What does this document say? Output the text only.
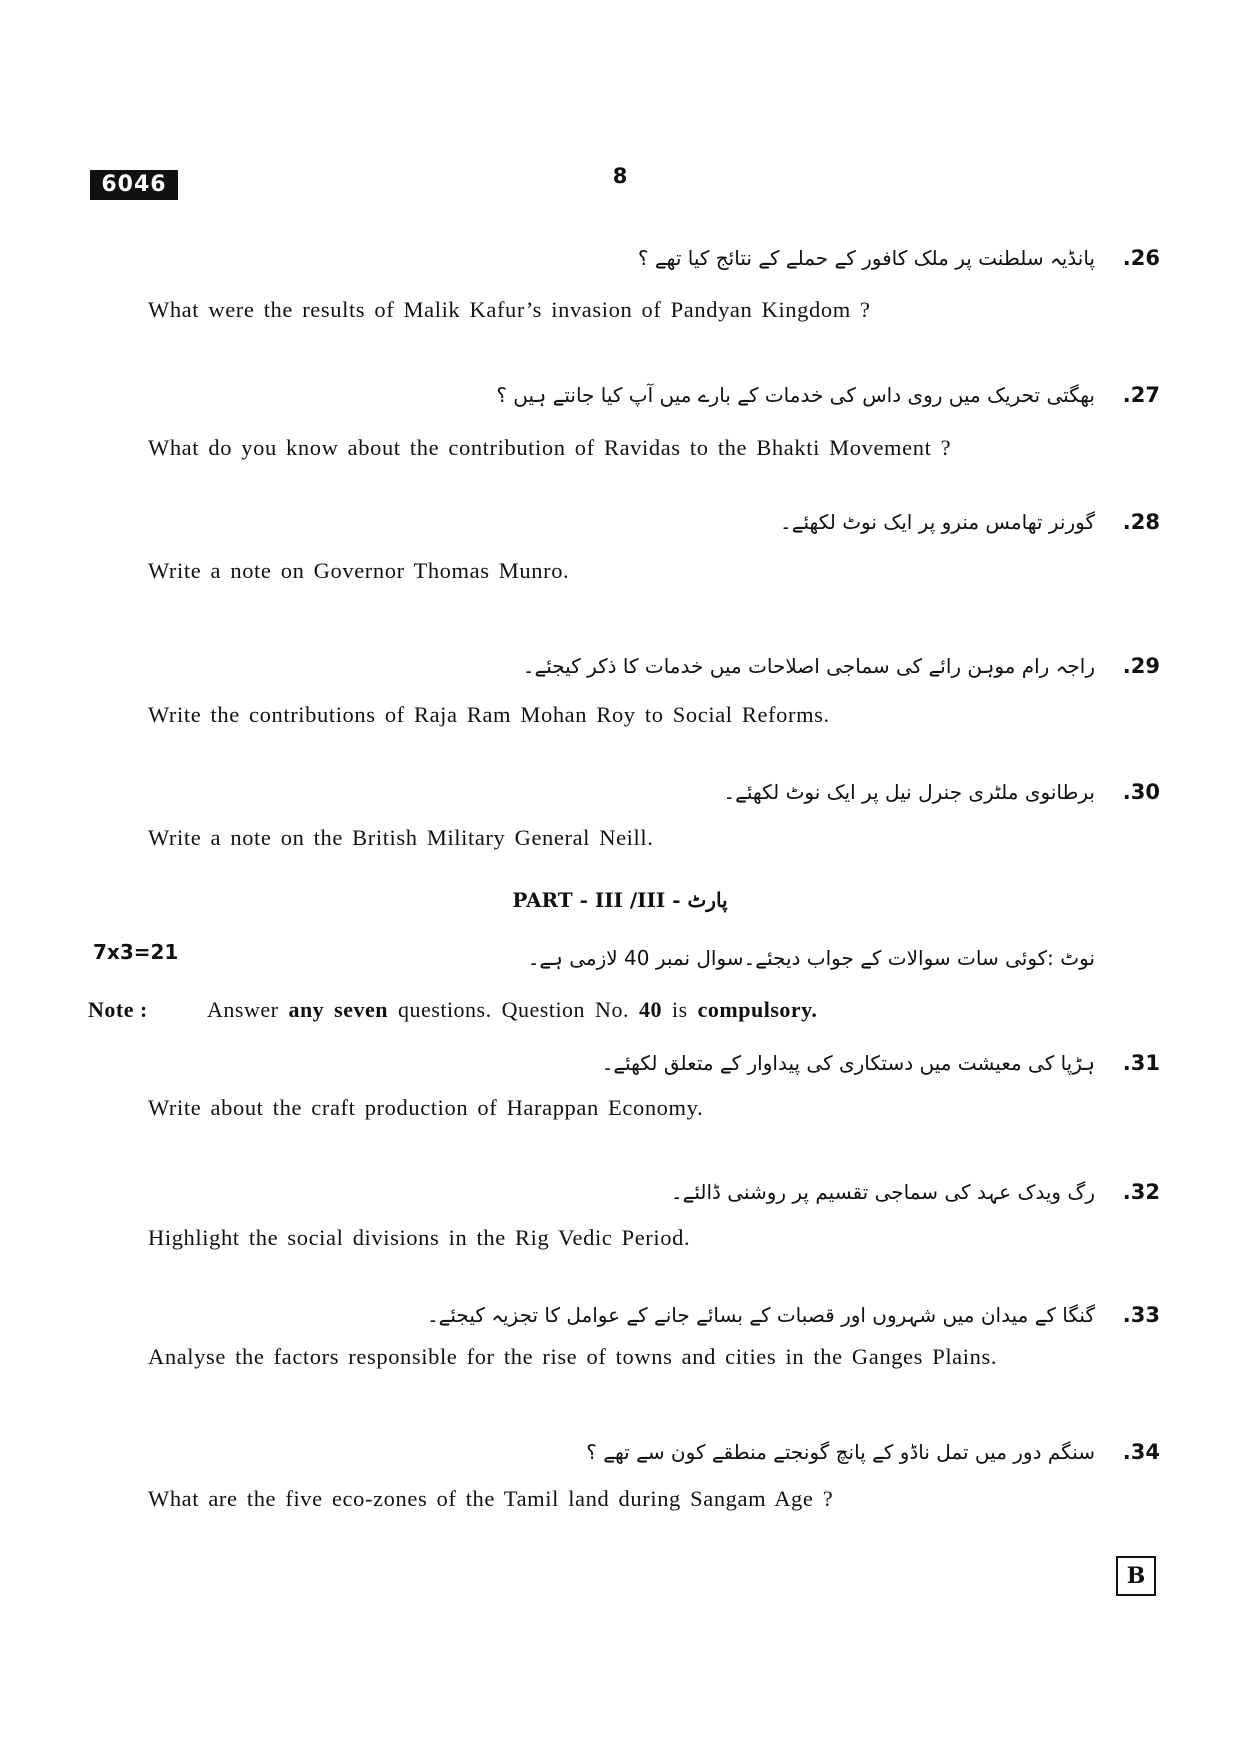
6046	8
.26
پانڈیہ سلطنت پر ملک کافور کے حملے کے نتائج کیا تھے ؟
What were the results of Malik Kafur’s invasion of Pandyan Kingdom ?
.27
بھگتی تحریک میں روی داس کی خدمات کے بارے میں آپ کیا جانتے ہیں ؟
What do you know about the contribution of Ravidas to the Bhakti Movement ?
.28
گورنر تھامس منرو پر ایک نوٹ لکھئے۔
Write a note on Governor Thomas Munro.
.29
راجہ رام موہن رائے کی سماجی اصلاحات میں خدمات کا ذکر کیجئے۔
Write the contributions of Raja Ram Mohan Roy to Social Reforms.
.30
برطانوی ملٹری جنرل نیل پر ایک نوٹ لکھئے۔
Write a note on the British Military General Neill.
PART - III /III - پارٹ
7x3=21	نوٹ :کوئی سات سوالات کے جواب دیجئے۔سوال نمبر 40 لازمی ہے۔
Note :	Answer any seven questions. Question No. 40 is compulsory.
.31
ہڑپا کی معیشت میں دستکاری کی پیداوار کے متعلق لکھئے۔
Write about the craft production of Harappan Economy.
.32
رگ ویدک عہد کی سماجی تقسیم پر روشنی ڈالئے۔
Highlight the social divisions in the Rig Vedic Period.
.33
گنگا کے میدان میں شہروں اور قصبات کے بسائے جانے کے عوامل کا تجزیہ کیجئے۔
Analyse the factors responsible for the rise of towns and cities in the Ganges Plains.
.34
سنگم دور میں تمل ناڈو کے پانچ گونجتے منطقے کون سے تھے ؟
What are the five eco-zones of the Tamil land during Sangam Age ?
B
